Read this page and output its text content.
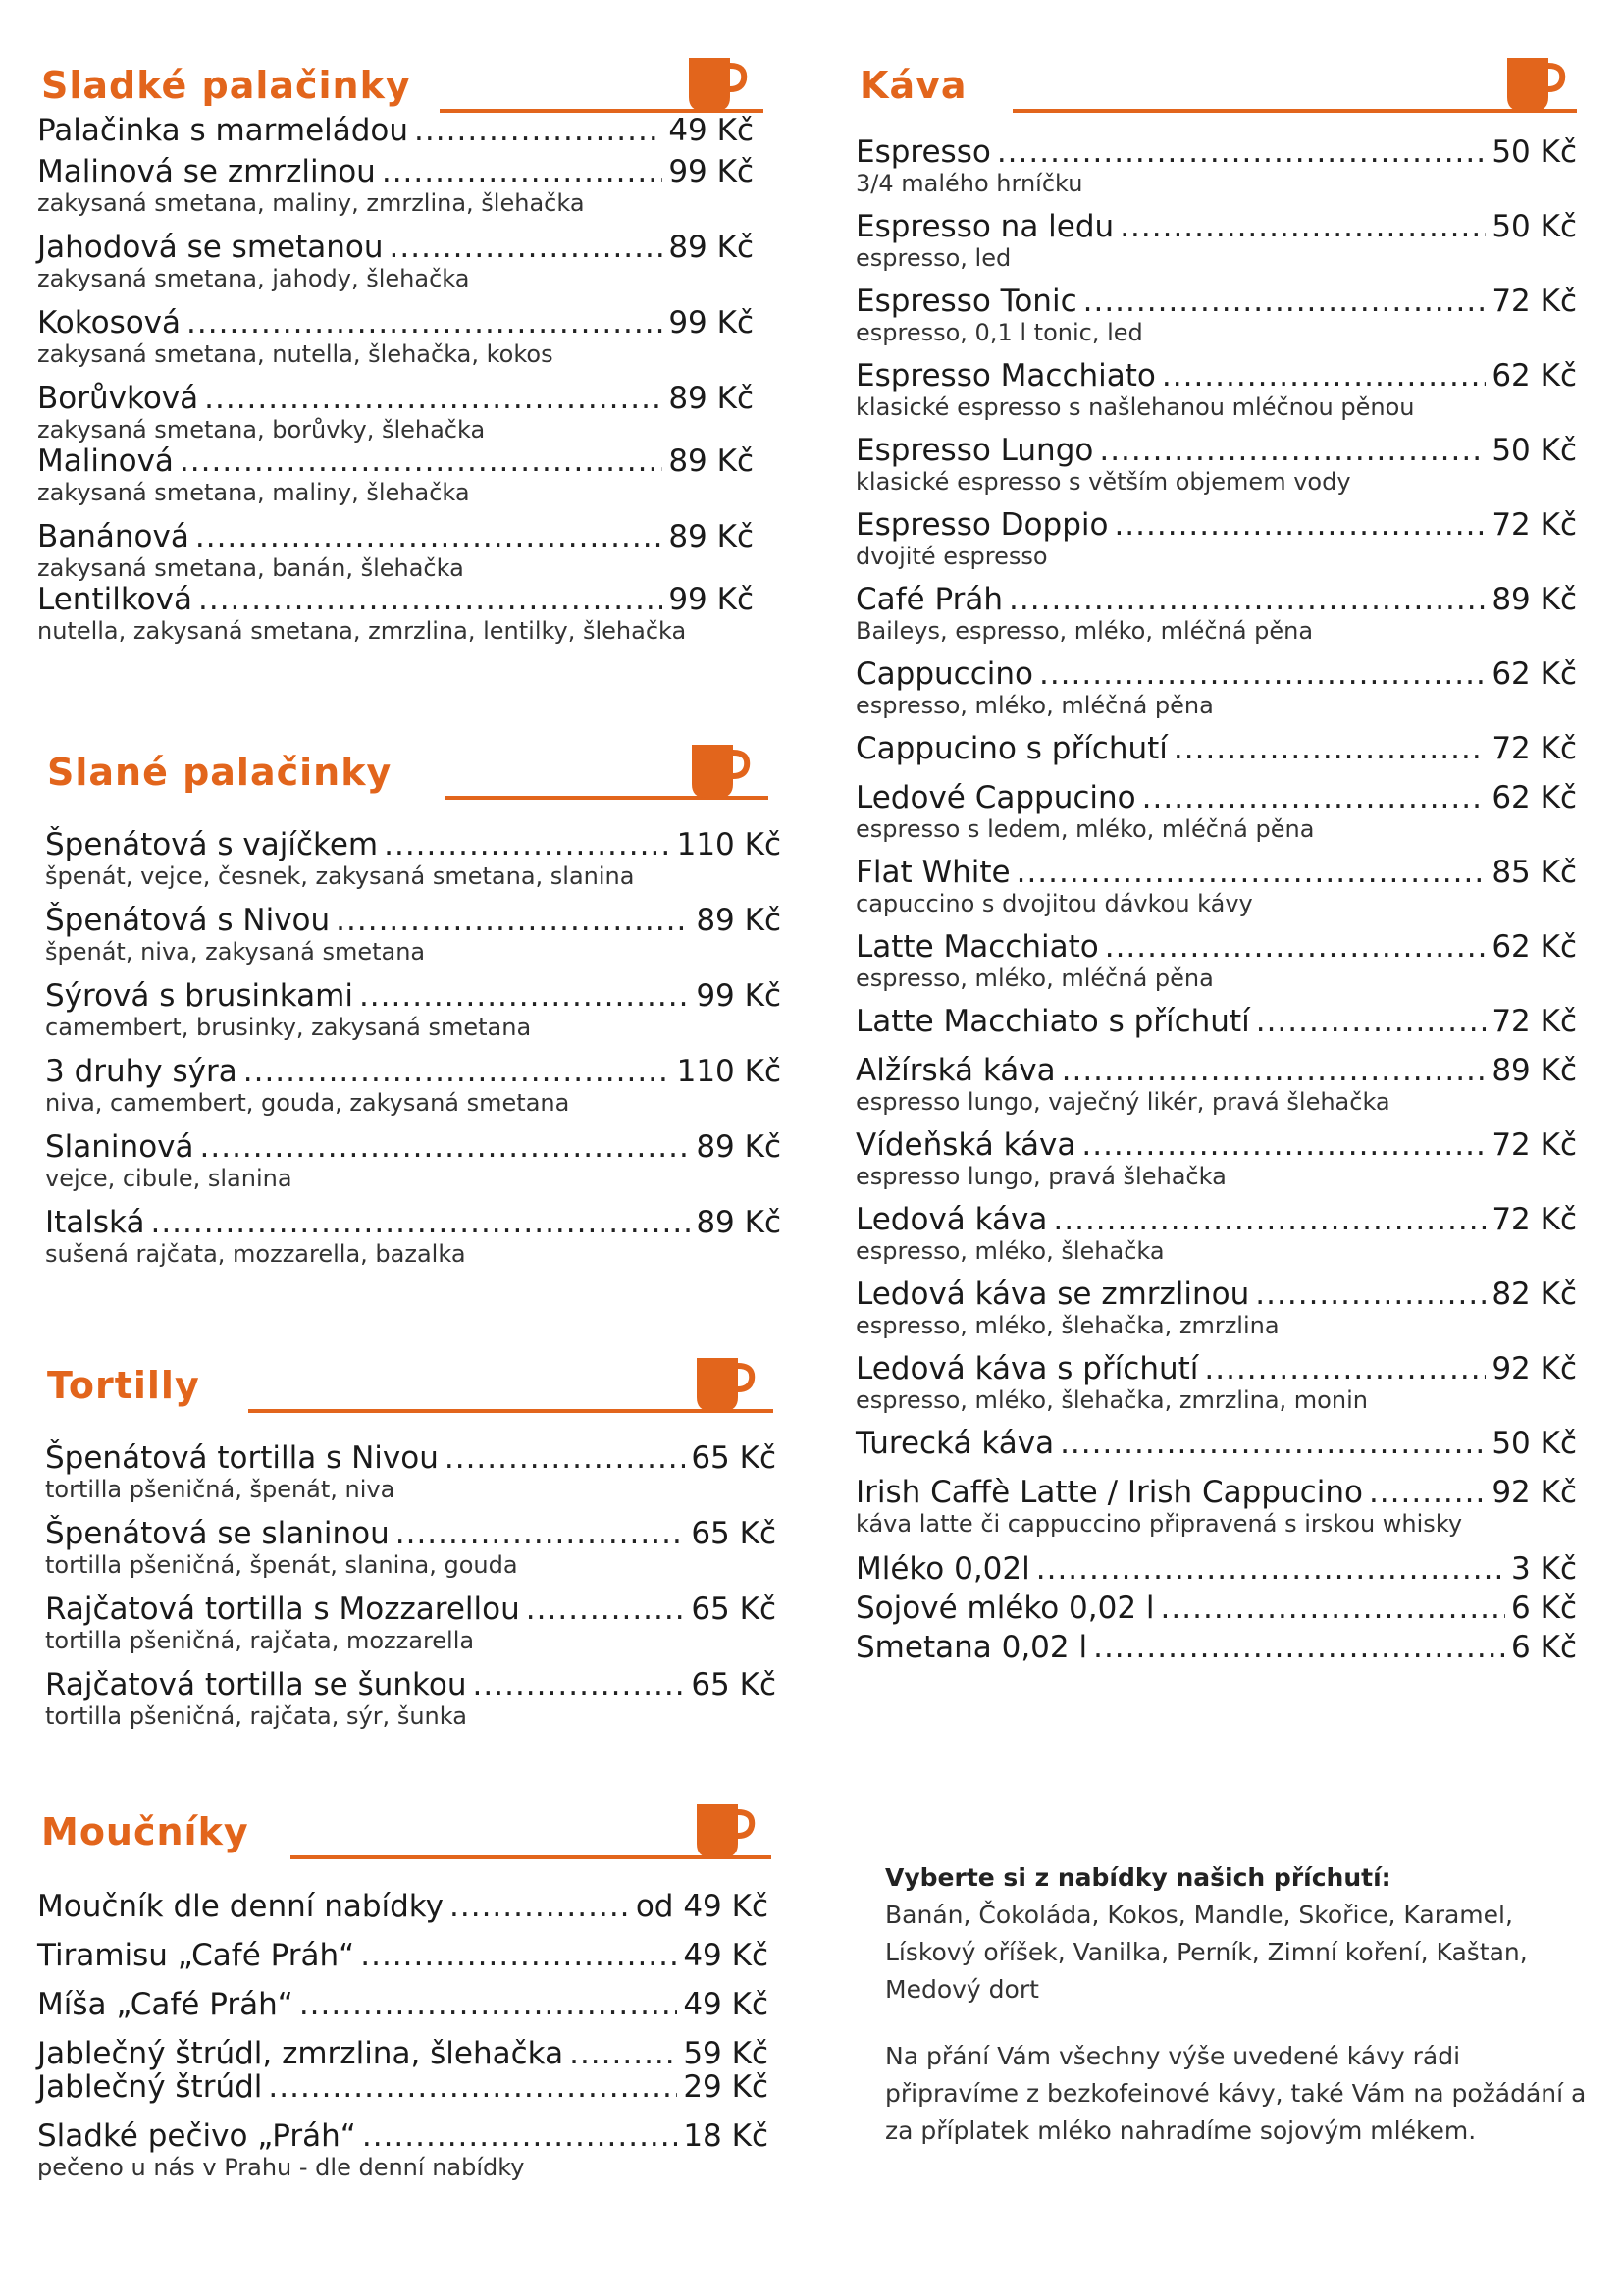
Sladké palačinky
Palačinka s marmeládou .....	49 Kč
Malinová se zmrzlinou .....	99 Kč
zakysaná smetana, maliny, zmrzlina, šlehačka
Jahodová se smetanou .....	89 Kč
zakysaná smetana, jahody, šlehačka
Kokosová .....	99 Kč
zakysaná smetana, nutella, šlehačka, kokos
Borůvková .....	89 Kč
zakysaná smetana, borůvky, šlehačka
Malinová .....	89 Kč
zakysaná smetana, maliny, šlehačka
Banánová .....	89 Kč
zakysaná smetana, banán, šlehačka
Lentilková .....	99 Kč
nutella, zakysaná smetana, zmrzlina, lentilky, šlehačka
Slané palačinky
Špenátová s vajíčkem .....	110 Kč
špenát, vejce, česnek, zakysaná smetana, slanina
Špenátová s Nivou .....	89 Kč
špenát, niva, zakysaná smetana
Sýrová s brusinkami .....	99 Kč
camembert, brusinky, zakysaná smetana
3 druhy sýra .....	110 Kč
niva, camembert, gouda, zakysaná smetana
Slaninová .....	89 Kč
vejce, cibule, slanina
Italská .....	89 Kč
sušená rajčata, mozzarella, bazalka
Tortilly
Špenátová tortilla s Nivou .....	65 Kč
tortilla pšeničná, špenát, niva
Špenátová se slaninou .....	65 Kč
tortilla pšeničná, špenát, slanina, gouda
Rajčatová tortilla s Mozzarellou .....	65 Kč
tortilla pšeničná, rajčata, mozzarella
Rajčatová tortilla se šunkou .....	65 Kč
tortilla pšeničná, rajčata, sýr, šunka
Moučníky
Moučník dle denní nabídky .....	od 49 Kč
Tiramisu „Café Práh“ .....	49 Kč
Míša „Café Práh“ .....	49 Kč
Jablečný štrúdl, zmrzlina, šlehačka .....	59 Kč
Jablečný štrúdl .....	29 Kč
Sladké pečivo „Práh“ .....	18 Kč
pečeno u nás v Prahu - dle denní nabídky
Káva
Espresso .....	50 Kč
3/4 malého hrníčku
Espresso na ledu .....	50 Kč
espresso, led
Espresso Tonic .....	72 Kč
espresso, 0,1 l tonic, led
Espresso Macchiato .....	62 Kč
klasické espresso s našlehanou mléčnou pěnou
Espresso Lungo .....	50 Kč
klasické espresso s větším objemem vody
Espresso Doppio .....	72 Kč
dvojité espresso
Café Práh .....	89 Kč
Baileys, espresso, mléko, mléčná pěna
Cappuccino .....	62 Kč
espresso, mléko, mléčná pěna
Cappucino s příchutí .....	72 Kč
Ledové Cappucino .....	62 Kč
espresso s ledem, mléko, mléčná pěna
Flat White .....	85 Kč
capuccino s dvojitou dávkou kávy
Latte Macchiato .....	62 Kč
espresso, mléko, mléčná pěna
Latte Macchiato s příchutí .....	72 Kč
Alžírská káva .....	89 Kč
espresso lungo, vaječný likér, pravá šlehačka
Vídeňská káva .....	72 Kč
espresso lungo, pravá šlehačka
Ledová káva .....	72 Kč
espresso, mléko, šlehačka
Ledová káva se zmrzlinou .....	82 Kč
espresso, mléko, šlehačka, zmrzlina
Ledová káva s příchutí .....	92 Kč
espresso, mléko, šlehačka, zmrzlina, monin
Turecká káva .....	50 Kč
Irish Caffè Latte / Irish Cappucino .....	92 Kč
káva latte či cappuccino připravená s irskou whisky
Mléko 0,02l .....	3 Kč
Sojové mléko 0,02 l .....	6 Kč
Smetana 0,02 l .....	6 Kč

Vyberte si z nabídky našich příchutí:
Banán, Čokoláda, Kokos, Mandle, Skořice, Karamel, Lískový oříšek, Vanilka, Perník, Zimní koření, Kaštan, Medový dort

Na přání Vám všechny výše uvedené kávy rádi připravíme z bezkofeinové kávy, také Vám na požádání a za příplatek mléko nahradíme sojovým mlékem.
